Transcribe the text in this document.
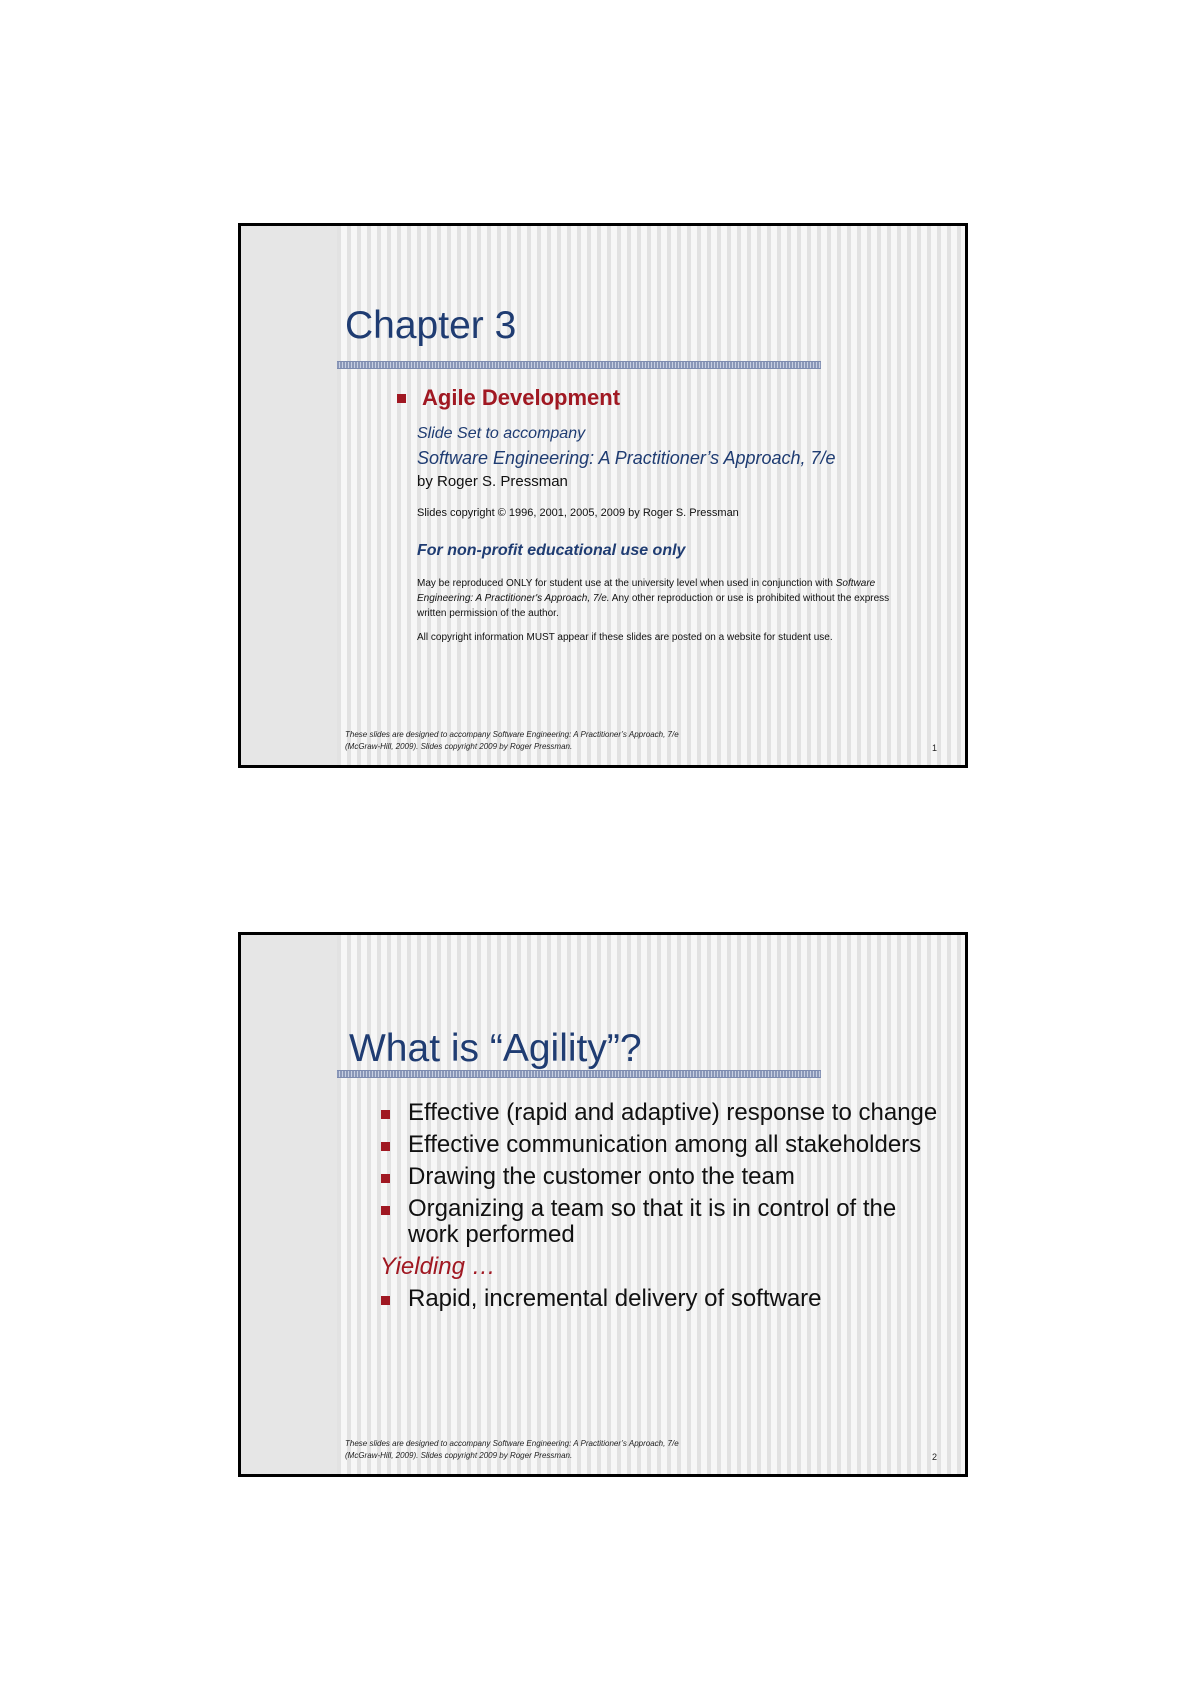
Chapter 3
Agile Development

Slide Set to accompany

Software Engineering: A Practitioner’s Approach, 7/e

by Roger S. Pressman

Slides copyright © 1996, 2001, 2005, 2009 by Roger S. Pressman

For non-profit educational use only

May be reproduced ONLY for student use at the university level when used in conjunction with Software Engineering: A Practitioner's Approach, 7/e. Any other reproduction or use is prohibited without the express written permission of the author.

All copyright information MUST appear if these slides are posted on a website for student use.

These slides are designed to accompany Software Engineering: A Practitioner’s Approach, 7/e
(McGraw-Hill, 2009). Slides copyright 2009 by Roger Pressman.	1
What is “Agility”?
Effective (rapid and adaptive) response to change
Effective communication among all stakeholders
Drawing the customer onto the team
Organizing a team so that it is in control of the work performed
Yielding …
Rapid, incremental delivery of software
These slides are designed to accompany Software Engineering: A Practitioner’s Approach, 7/e
(McGraw-Hill, 2009). Slides copyright 2009 by Roger Pressman.	2
